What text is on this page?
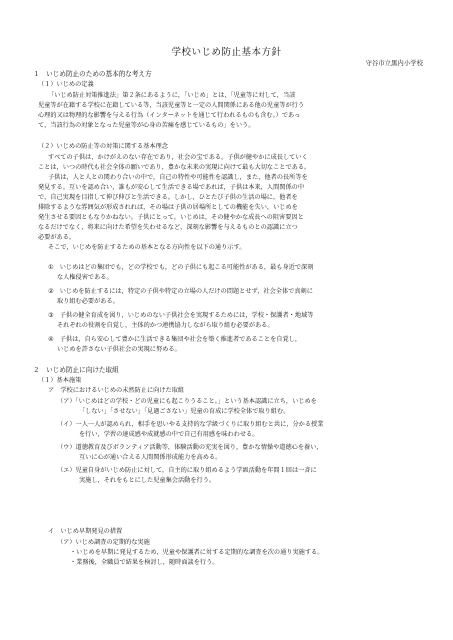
学校いじめ防止基本方針
守谷市立黒内小学校
１　いじめ防止のための基本的な考え方
（１）いじめの定義
「いじめ防止対策推進法」第２条にあるように，「いじめ」とは，「児童等に対して，当該
児童等が在籍する学校に在籍している等，当該児童等と一定の人間関係にある他の児童等が行う
心理的又は物理的な影響を与える行為（インターネットを通じて行われるものも含む。）であっ
て，当該行為の対象となった児童等が心身の苦痛を感じているもの」をいう。
（２）いじめの防止等の対策に関する基本理念
すべての子供は，かけがえのない存在であり，社会の宝である。子供が健やかに成長していく
ことは，いつの時代も社会全体の願いであり，豊かな未来の実現に向けて最も大切なことである。
子供は，人と人との関わり合いの中で，自己の特性や可能性を認識し，また，他者の長所等を
発見する。互いを認め合い，誰もが安心して生活できる場であれば，子供は本来，人間関係の中
で，自己実現を目指して伸び伸びと生活できる。しかし，ひとたび子供の生活の場に，他者を
排除するような雰囲気が形成されれば，その場は子供の居場所としての機能を失い，いじめを
発生させる要因ともなりかねない。子供にとって，いじめは，その健やかな成長への阻害要因と
なるだけでなく，将来に向けた希望を失わせるなど，深刻な影響を与えるものとの認識に立つ
必要がある。
そこで，いじめを防止するための基本となる方向性を以下の通り示す。
①　いじめはどの集団でも，どの学校でも，どの子供にも起こる可能性がある，最も身近で深刻
な人権侵害である。
②　いじめを防止するには，特定の子供や特定の立場の人だけの問題とせず，社会全体で真剣に
取り組む必要がある。
③　子供の健全育成を図り，いじめのない子供社会を実現するためには，学校・保護者・地域等
それぞれの役割を自覚し，主体的かつ連携協力しながら取り組む必要がある。
④　子供は，自ら安心して豊かに生活できる集団や社会を築く推進者であることを自覚し，
いじめを許さない子供社会の実現に努める。
２　いじめ防止に向けた取組
（１）基本施策
ア　学校におけるいじめの未然防止に向けた取組
（ア）「いじめはどの学校・どの児童にも起こりうること。」という基本認識に立ち，いじめを
「しない」「させない」「見過ごさない」児童の育成に学校全体で取り組む。
（イ）一人一人が認められ，相手を思いやる支持的な学級づくりに取り組むと共に，分かる授業
を行い，学習の達成感や成就感の中で自己有用感を味わわせる。
（ウ）道徳教育及びボランティア活動等，体験活動の充実を図り，豊かな情操や道徳心を養い，
互いに心が通い合える人間関係形成能力を高める。
（エ）児童自身がいじめ防止に対して，自主的に取り組めるよう学級活動を年間１回は一斉に
実施し，それをもとにした児童集会活動を行う。
イ　いじめ早期発見の措置
（ア）いじめ調査の定期的な実施
・いじめを早期に発見するため，児童や保護者に対する定期的な調査を次の通り実施する。
・業務後，全職員で結果を検討し，随時面談を行う。
